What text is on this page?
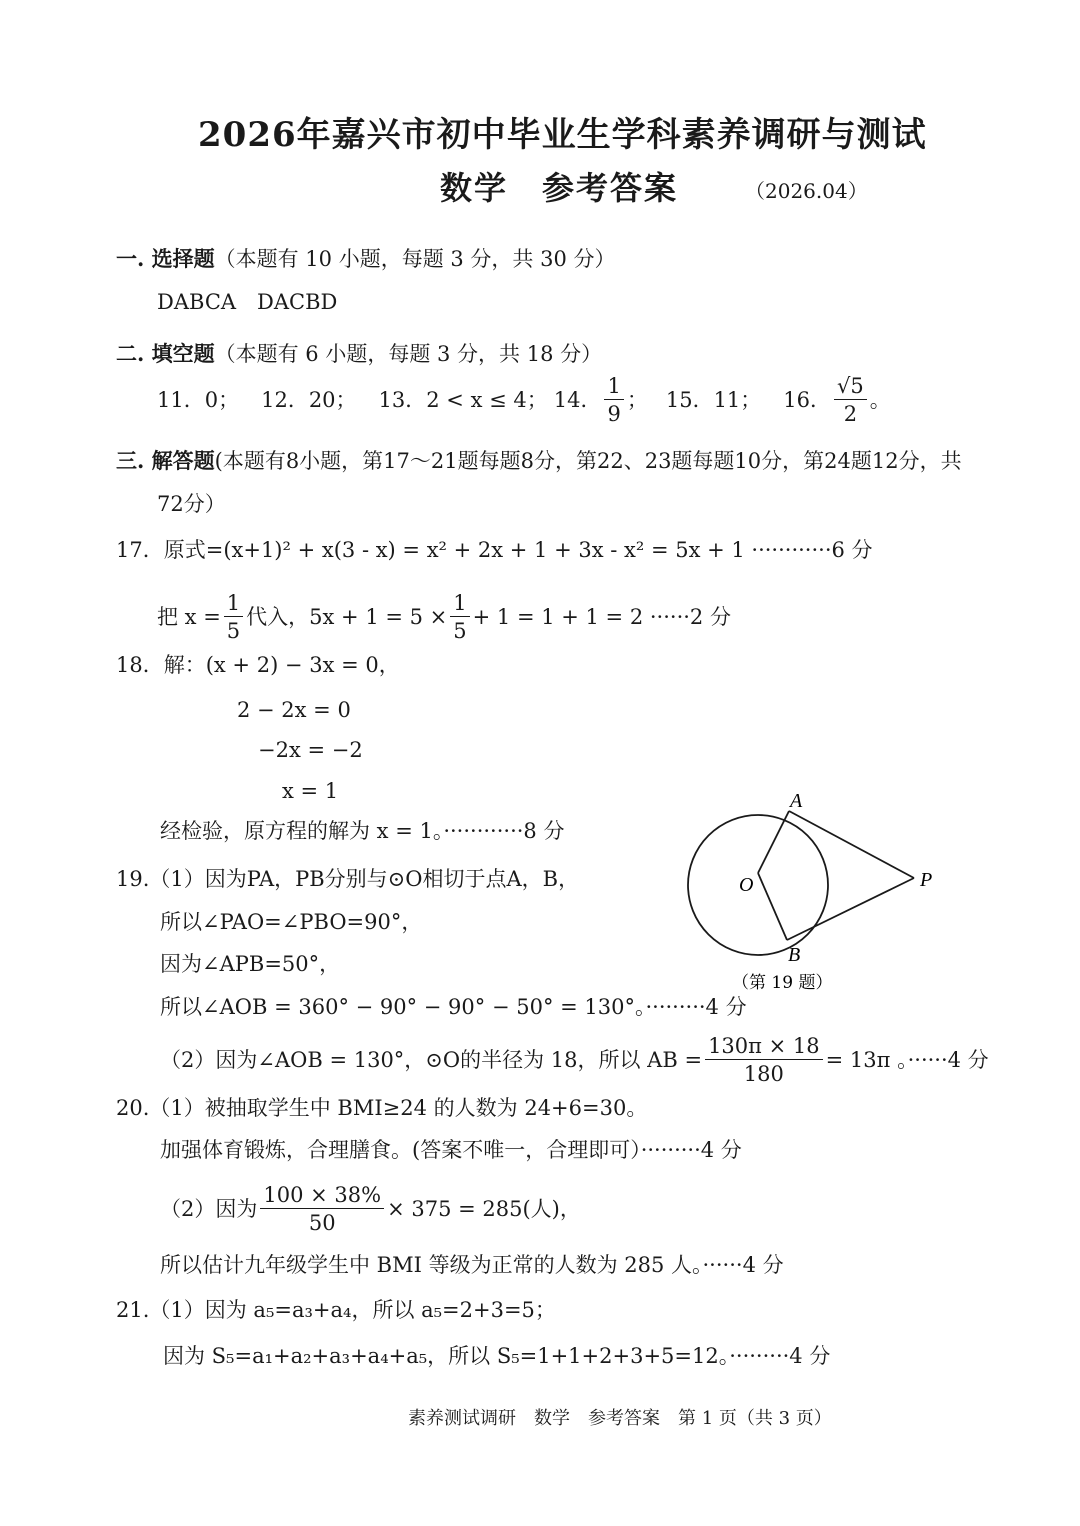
2026年嘉兴市初中毕业生学科素养调研与测试
数学　参考答案	（2026.04）
一. 选择题（本题有 10 小题，每题 3 分，共 30 分）
DABCA　DACBD
二. 填空题（本题有 6 小题，每题 3 分，共 18 分）
11．0； 12．20； 13．2 < x ≤ 4； 14． $\frac{1}{9}$ ； 15．11； 16． $\frac{√5}{2}$ 。
三. 解答题(本题有8小题，第17～21题每题8分，第22、23题每题10分，第24题12分，共
72分）
17．原式=(x+1)² + x(3 - x) = x² + 2x + 1 + 3x - x² = 5x + 1 ············6 分
把 $x = \frac{1}{5}$ 代入，$5x + 1 = 5 \times \frac{1}{5} + 1 = 1 + 1 = 2 \cdot\cdot\cdot\cdot\cdot\cdot 2$ 分
18．解：(x + 2) − 3x = 0，
2 − 2x = 0
−2x = −2
x = 1
经检验，原方程的解为 x = 1。············8 分
A
O	P
B
（第 19 题）
19.（1）因为PA，PB分别与⊙O相切于点A，B，
所以∠PAO=∠PBO=90°，
因为∠APB=50°，
所以∠AOB = 360° − 90° − 90° − 50° = 130°。·········4 分
（2）因为∠AOB = 130°，⊙O的半径为 18，所以 AB = $\frac{130\pi \times 18}{180} = 13\pi$ 。······4 分
20.（1）被抽取学生中 BMI≥24 的人数为 24+6=30。
加强体育锻炼，合理膳食。(答案不唯一，合理即可）·········4 分
（2）因为 $\frac{100 \times 38\%}{50} \times 375 = 285$(人)，
所以估计九年级学生中 BMI 等级为正常的人数为 285 人。······4 分
21.（1）因为 a₅=a₃+a₄，所以 a₅=2+3=5；
因为 S₅=a₁+a₂+a₃+a₄+a₅，所以 S₅=1+1+2+3+5=12。·········4 分
素养测试调研　数学　参考答案　第 1 页（共 3 页）
